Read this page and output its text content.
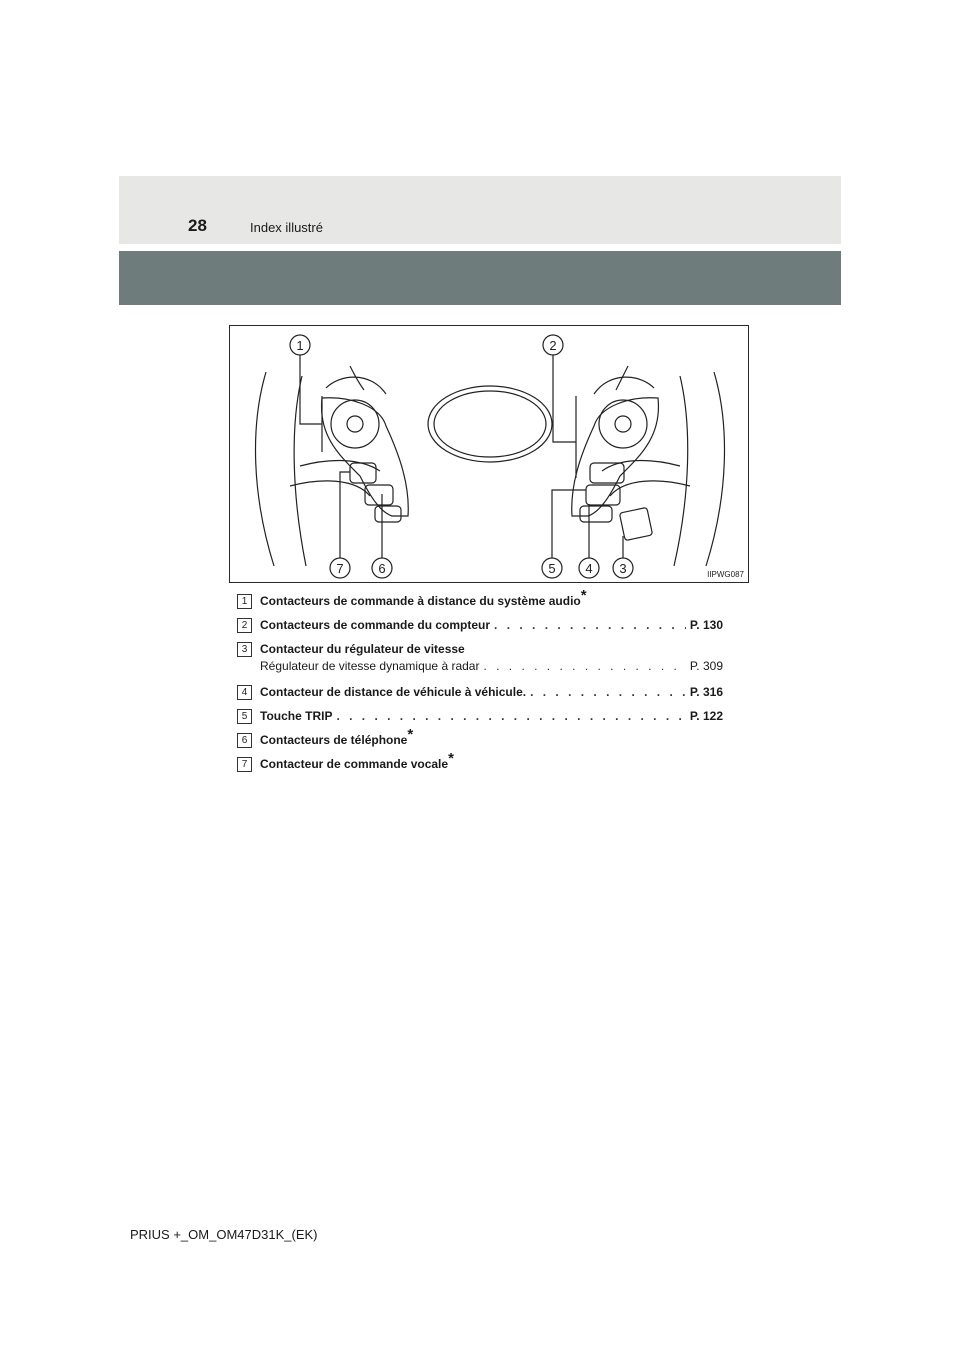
28	Index illustré
1	2
3
4
5
6
7	IIPWG087
1	Contacteurs de commande à distance du système audio*
2	Contacteurs de commande du compteur . . .	P. 130
3	Contacteur du régulateur de vitesse
Régulateur de vitesse dynamique à radar . . .	P. 309
4	Contacteur de distance de véhicule à véhicule. . . .	P. 316
5	Touche TRIP . . .	P. 122
6	Contacteurs de téléphone*
7	Contacteur de commande vocale*
PRIUS +_OM_OM47D31K_(EK)
